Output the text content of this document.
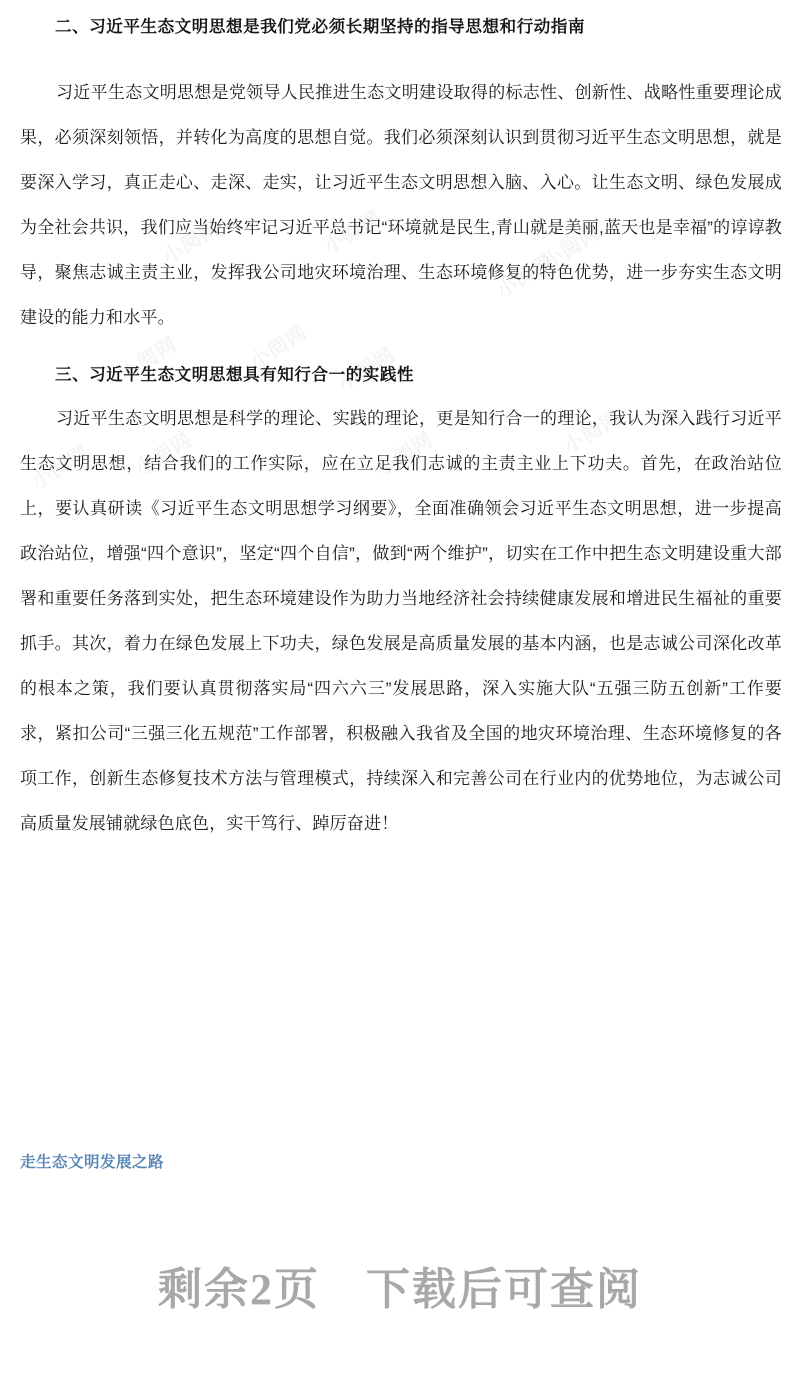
二、习近平生态文明思想是我们党必须长期坚持的指导思想和行动指南

习近平生态文明思想是党领导人民推进生态文明建设取得的标志性、创新性、战略性重要理论成果，必须深刻领悟，并转化为高度的思想自觉。我们必须深刻认识到贯彻习近平生态文明思想，就是要深入学习，真正走心、走深、走实，让习近平生态文明思想入脑、入心。让生态文明、绿色发展成为全社会共识，我们应当始终牢记习近平总书记“环境就是民生,青山就是美丽,蓝天也是幸福”的谆谆教导，聚焦志诚主责主业，发挥我公司地灾环境治理、生态环境修复的特色优势，进一步夯实生态文明建设的能力和水平。

三、习近平生态文明思想具有知行合一的实践性

习近平生态文明思想是科学的理论、实践的理论，更是知行合一的理论，我认为深入践行习近平生态文明思想，结合我们的工作实际，应在立足我们志诚的主责主业上下功夫。首先，在政治站位上，要认真研读《习近平生态文明思想学习纲要》，全面准确领会习近平生态文明思想，进一步提高政治站位，增强“四个意识”，坚定“四个自信”，做到“两个维护”，切实在工作中把生态文明建设重大部署和重要任务落到实处，把生态环境建设作为助力当地经济社会持续健康发展和增进民生福祉的重要抓手。其次，着力在绿色发展上下功夫，绿色发展是高质量发展的基本内涵，也是志诚公司深化改革的根本之策，我们要认真贯彻落实局“四六六三”发展思路，深入实施大队“五强三防五创新”工作要求，紧扣公司“三强三化五规范”工作部署，积极融入我省及全国的地灾环境治理、生态环境修复的各项工作，创新生态修复技术方法与管理模式，持续深入和完善公司在行业内的优势地位，为志诚公司高质量发展铺就绿色底色，实干笃行、踔厉奋进！

走生态文明发展之路
剩余2页　下载后可查阅
